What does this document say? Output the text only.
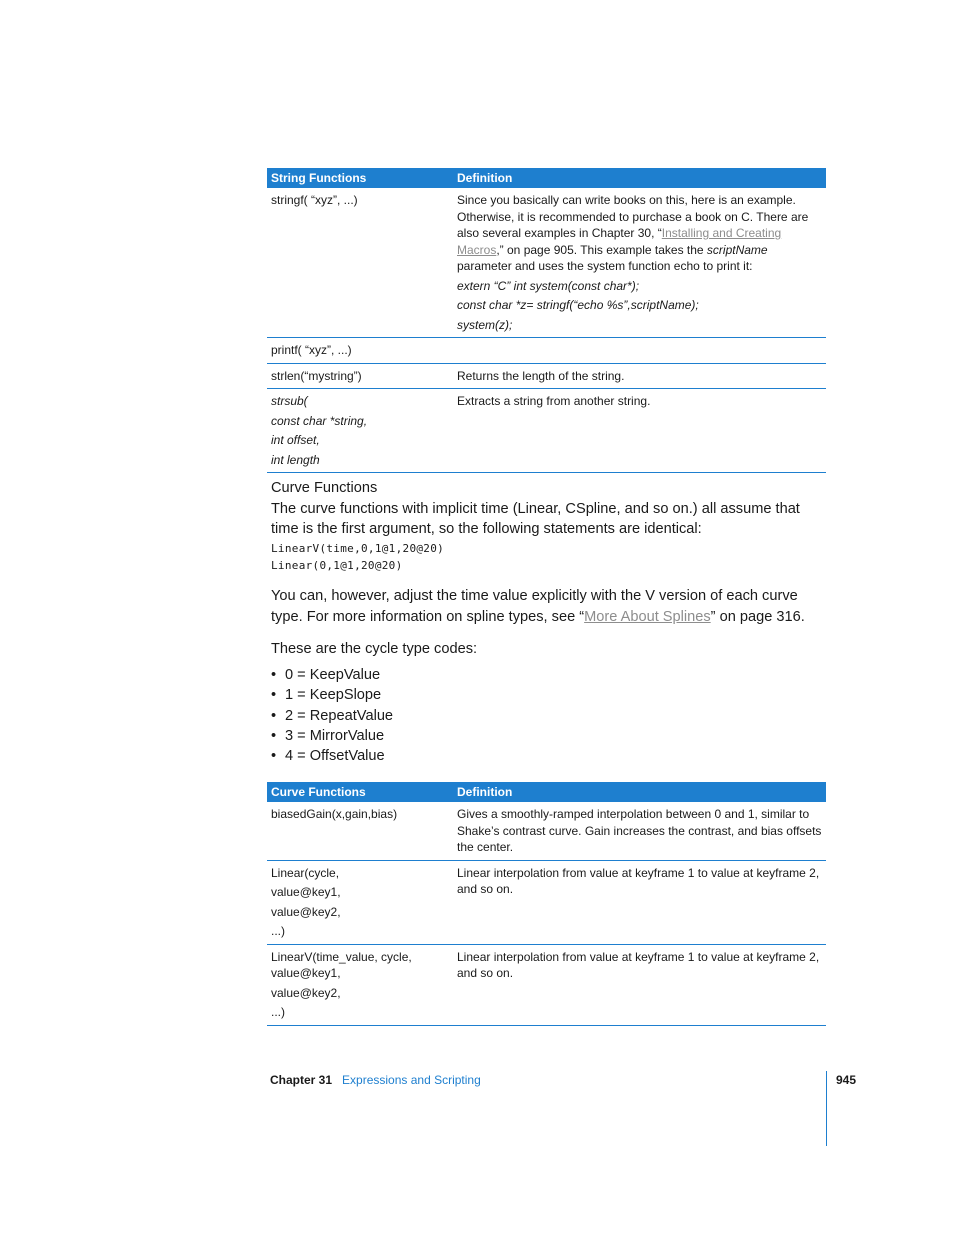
String Functions	Definition
stringf( “xyz”, ...)	Since you basically can write books on this, here is an example. Otherwise, it is recommended to purchase a book on C. There are also several examples in Chapter 30, “Installing and Creating Macros,” on page 905. This example takes the scriptName parameter and uses the system function echo to print it:
extern “C” int system(const char*);
const char *z= stringf(“echo %s”,scriptName);
system(z);

printf( “xyz”, ...)	
strlen(“mystring”)	Returns the length of the string.

strsub(
const char *string,
int offset,
int length	Extracts a string from another string.
Curve Functions
The curve functions with implicit time (Linear, CSpline, and so on.) all assume that time is the first argument, so the following statements are identical:
LinearV(time,0,1@1,20@20)
Linear(0,1@1,20@20)
You can, however, adjust the time value explicitly with the V version of each curve type. For more information on spline types, see “More About Splines” on page 316.
These are the cycle type codes:
• 0 = KeepValue
• 1 = KeepSlope
• 2 = RepeatValue
• 3 = MirrorValue
• 4 = OffsetValue
Curve Functions	Definition

biasedGain(x,gain,bias)	Gives a smoothly-ramped interpolation between 0 and 1, similar to Shake’s contrast curve. Gain increases the contrast, and bias offsets the center.

Linear(cycle,
value@key1,
value@key2,
...)	Linear interpolation from value at keyframe 1 to value at keyframe 2, and so on.

LinearV(time_value, cycle,
value@key1,
value@key2,
...)	Linear interpolation from value at keyframe 1 to value at keyframe 2, and so on.
Chapter 31 Expressions and Scripting	945
